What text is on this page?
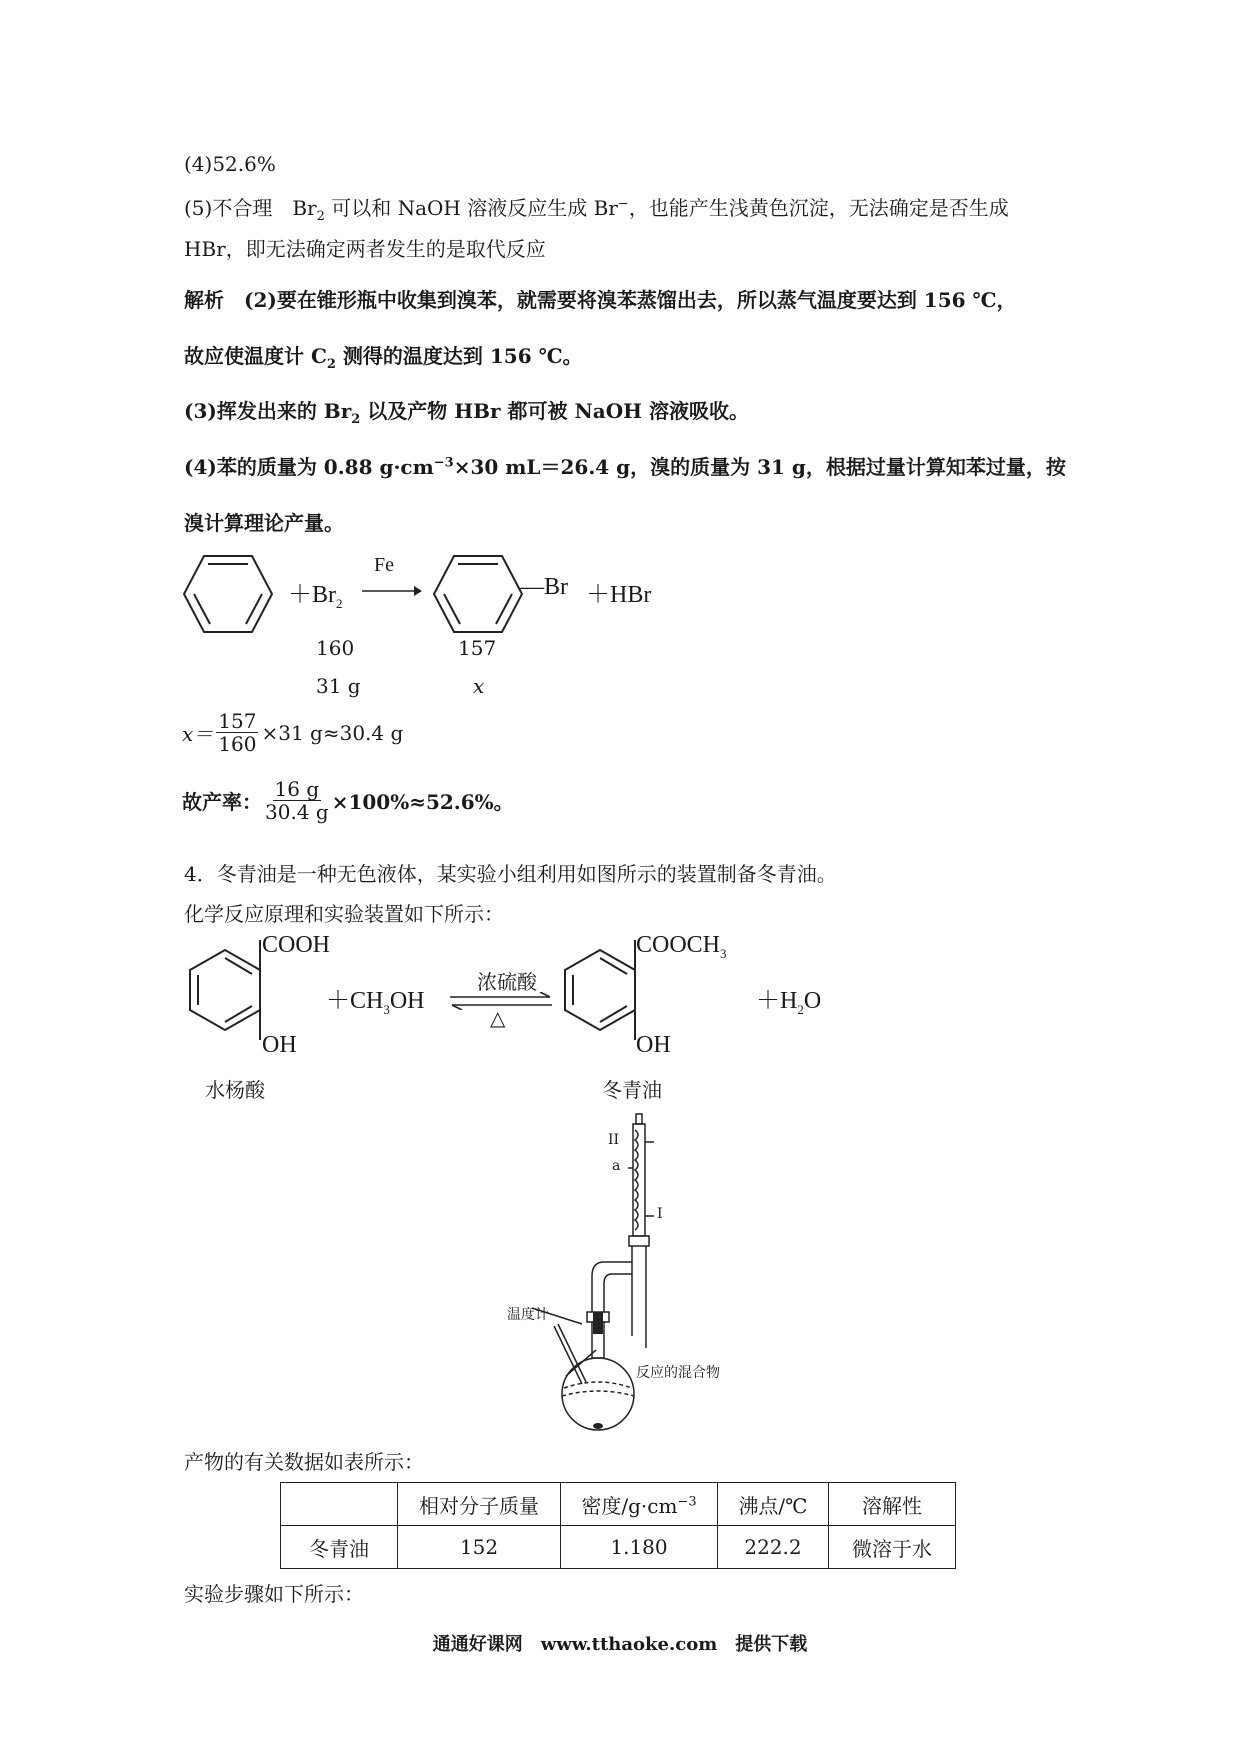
(4)52.6%
(5)不合理　$Br_2$ 可以和 NaOH 溶液反应生成 Br−，也能产生浅黄色沉淀，无法确定是否生成
HBr，即无法确定两者发生的是取代反应
解析　(2)要在锥形瓶中收集到溴苯，就需要将溴苯蒸馏出去，所以蒸气温度要达到 156 ℃，
故应使温度计 $C_2$ 测得的温度达到 156 ℃。
(3)挥发出来的 $Br_2$ 以及产物 HBr 都可被 NaOH 溶液吸收。
(4)苯的质量为 0.88 $g\cdot cm^{-3}\times 30$ mL＝26.4 g，溴的质量为 31 g，根据过量计算知苯过量，按
溴计算理论产量。
$+Br_2$
Fe
—Br ＋HBr
160	157
31 g	x
$x= \frac{157}{160} \times 31$ g≈30.4 g
故产率： $\frac{16 g}{30.4 g} \times 100\%\approx 52.6\%$。
4．冬青油是一种无色液体，某实验小组利用如图所示的装置制备冬青油。
化学反应原理和实验装置如下所示：
COOH
OH
$+CH_3OH$
浓硫酸
△
$COOCH_3$
OH
$+H_2O$
水杨酸	冬青油
II
a
I
温度计
反应的混合物
产物的有关数据如表所示：
	相对分子质量	密度$/g\cdot cm^{-3}$	沸点/℃	溶解性
冬青油	152	1.180	222.2	微溶于水
实验步骤如下所示：
通通好课网　www.tthaoke.com　提供下载
